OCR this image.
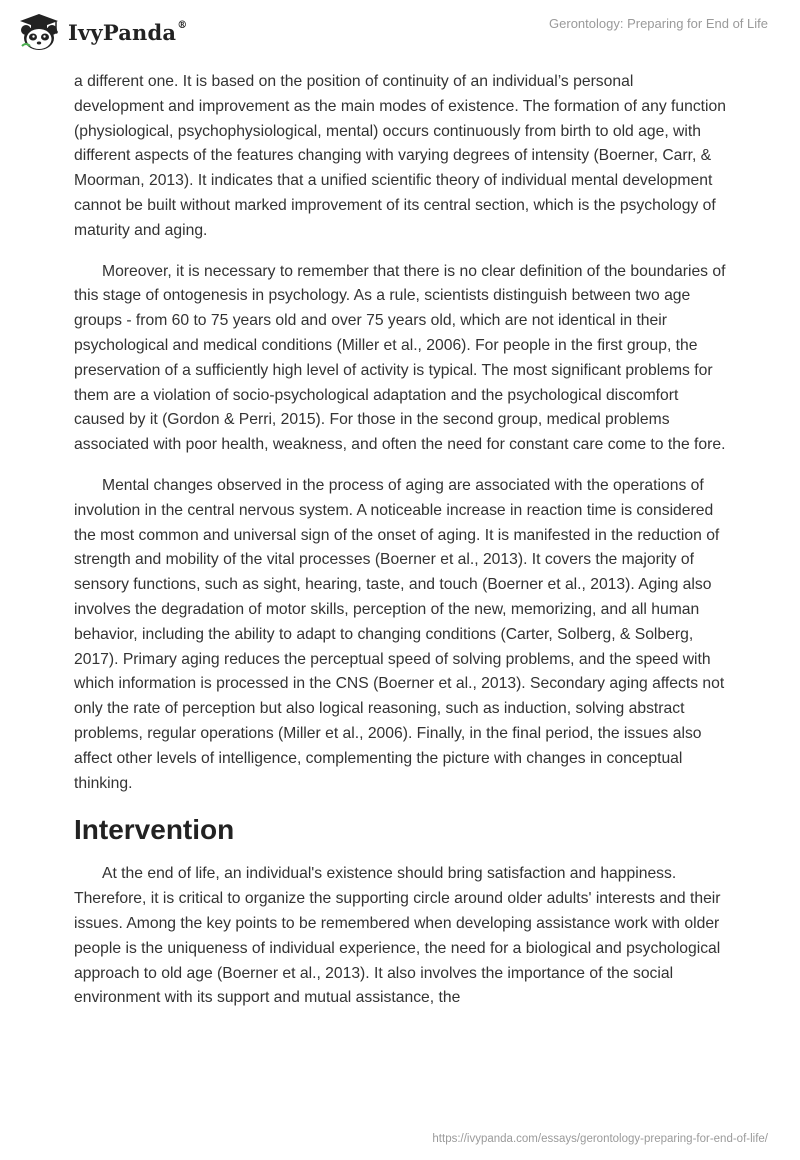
IvyPanda®	Gerontology: Preparing for End of Life

a different one. It is based on the position of continuity of an individual’s personal development and improvement as the main modes of existence. The formation of any function (physiological, psychophysiological, mental) occurs continuously from birth to old age, with different aspects of the features changing with varying degrees of intensity (Boerner, Carr, & Moorman, 2013). It indicates that a unified scientific theory of individual mental development cannot be built without marked improvement of its central section, which is the psychology of maturity and aging.

Moreover, it is necessary to remember that there is no clear definition of the boundaries of this stage of ontogenesis in psychology. As a rule, scientists distinguish between two age groups - from 60 to 75 years old and over 75 years old, which are not identical in their psychological and medical conditions (Miller et al., 2006). For people in the first group, the preservation of a sufficiently high level of activity is typical. The most significant problems for them are a violation of socio-psychological adaptation and the psychological discomfort caused by it (Gordon & Perri, 2015). For those in the second group, medical problems associated with poor health, weakness, and often the need for constant care come to the fore.

Mental changes observed in the process of aging are associated with the operations of involution in the central nervous system. A noticeable increase in reaction time is considered the most common and universal sign of the onset of aging. It is manifested in the reduction of strength and mobility of the vital processes (Boerner et al., 2013). It covers the majority of sensory functions, such as sight, hearing, taste, and touch (Boerner et al., 2013). Aging also involves the degradation of motor skills, perception of the new, memorizing, and all human behavior, including the ability to adapt to changing conditions (Carter, Solberg, & Solberg, 2017). Primary aging reduces the perceptual speed of solving problems, and the speed with which information is processed in the CNS (Boerner et al., 2013). Secondary aging affects not only the rate of perception but also logical reasoning, such as induction, solving abstract problems, regular operations (Miller et al., 2006). Finally, in the final period, the issues also affect other levels of intelligence, complementing the picture with changes in conceptual thinking.

Intervention

At the end of life, an individual's existence should bring satisfaction and happiness. Therefore, it is critical to organize the supporting circle around older adults' interests and their issues. Among the key points to be remembered when developing assistance work with older people is the uniqueness of individual experience, the need for a biological and psychological approach to old age (Boerner et al., 2013). It also involves the importance of the social environment with its support and mutual assistance, the

https://ivypanda.com/essays/gerontology-preparing-for-end-of-life/
